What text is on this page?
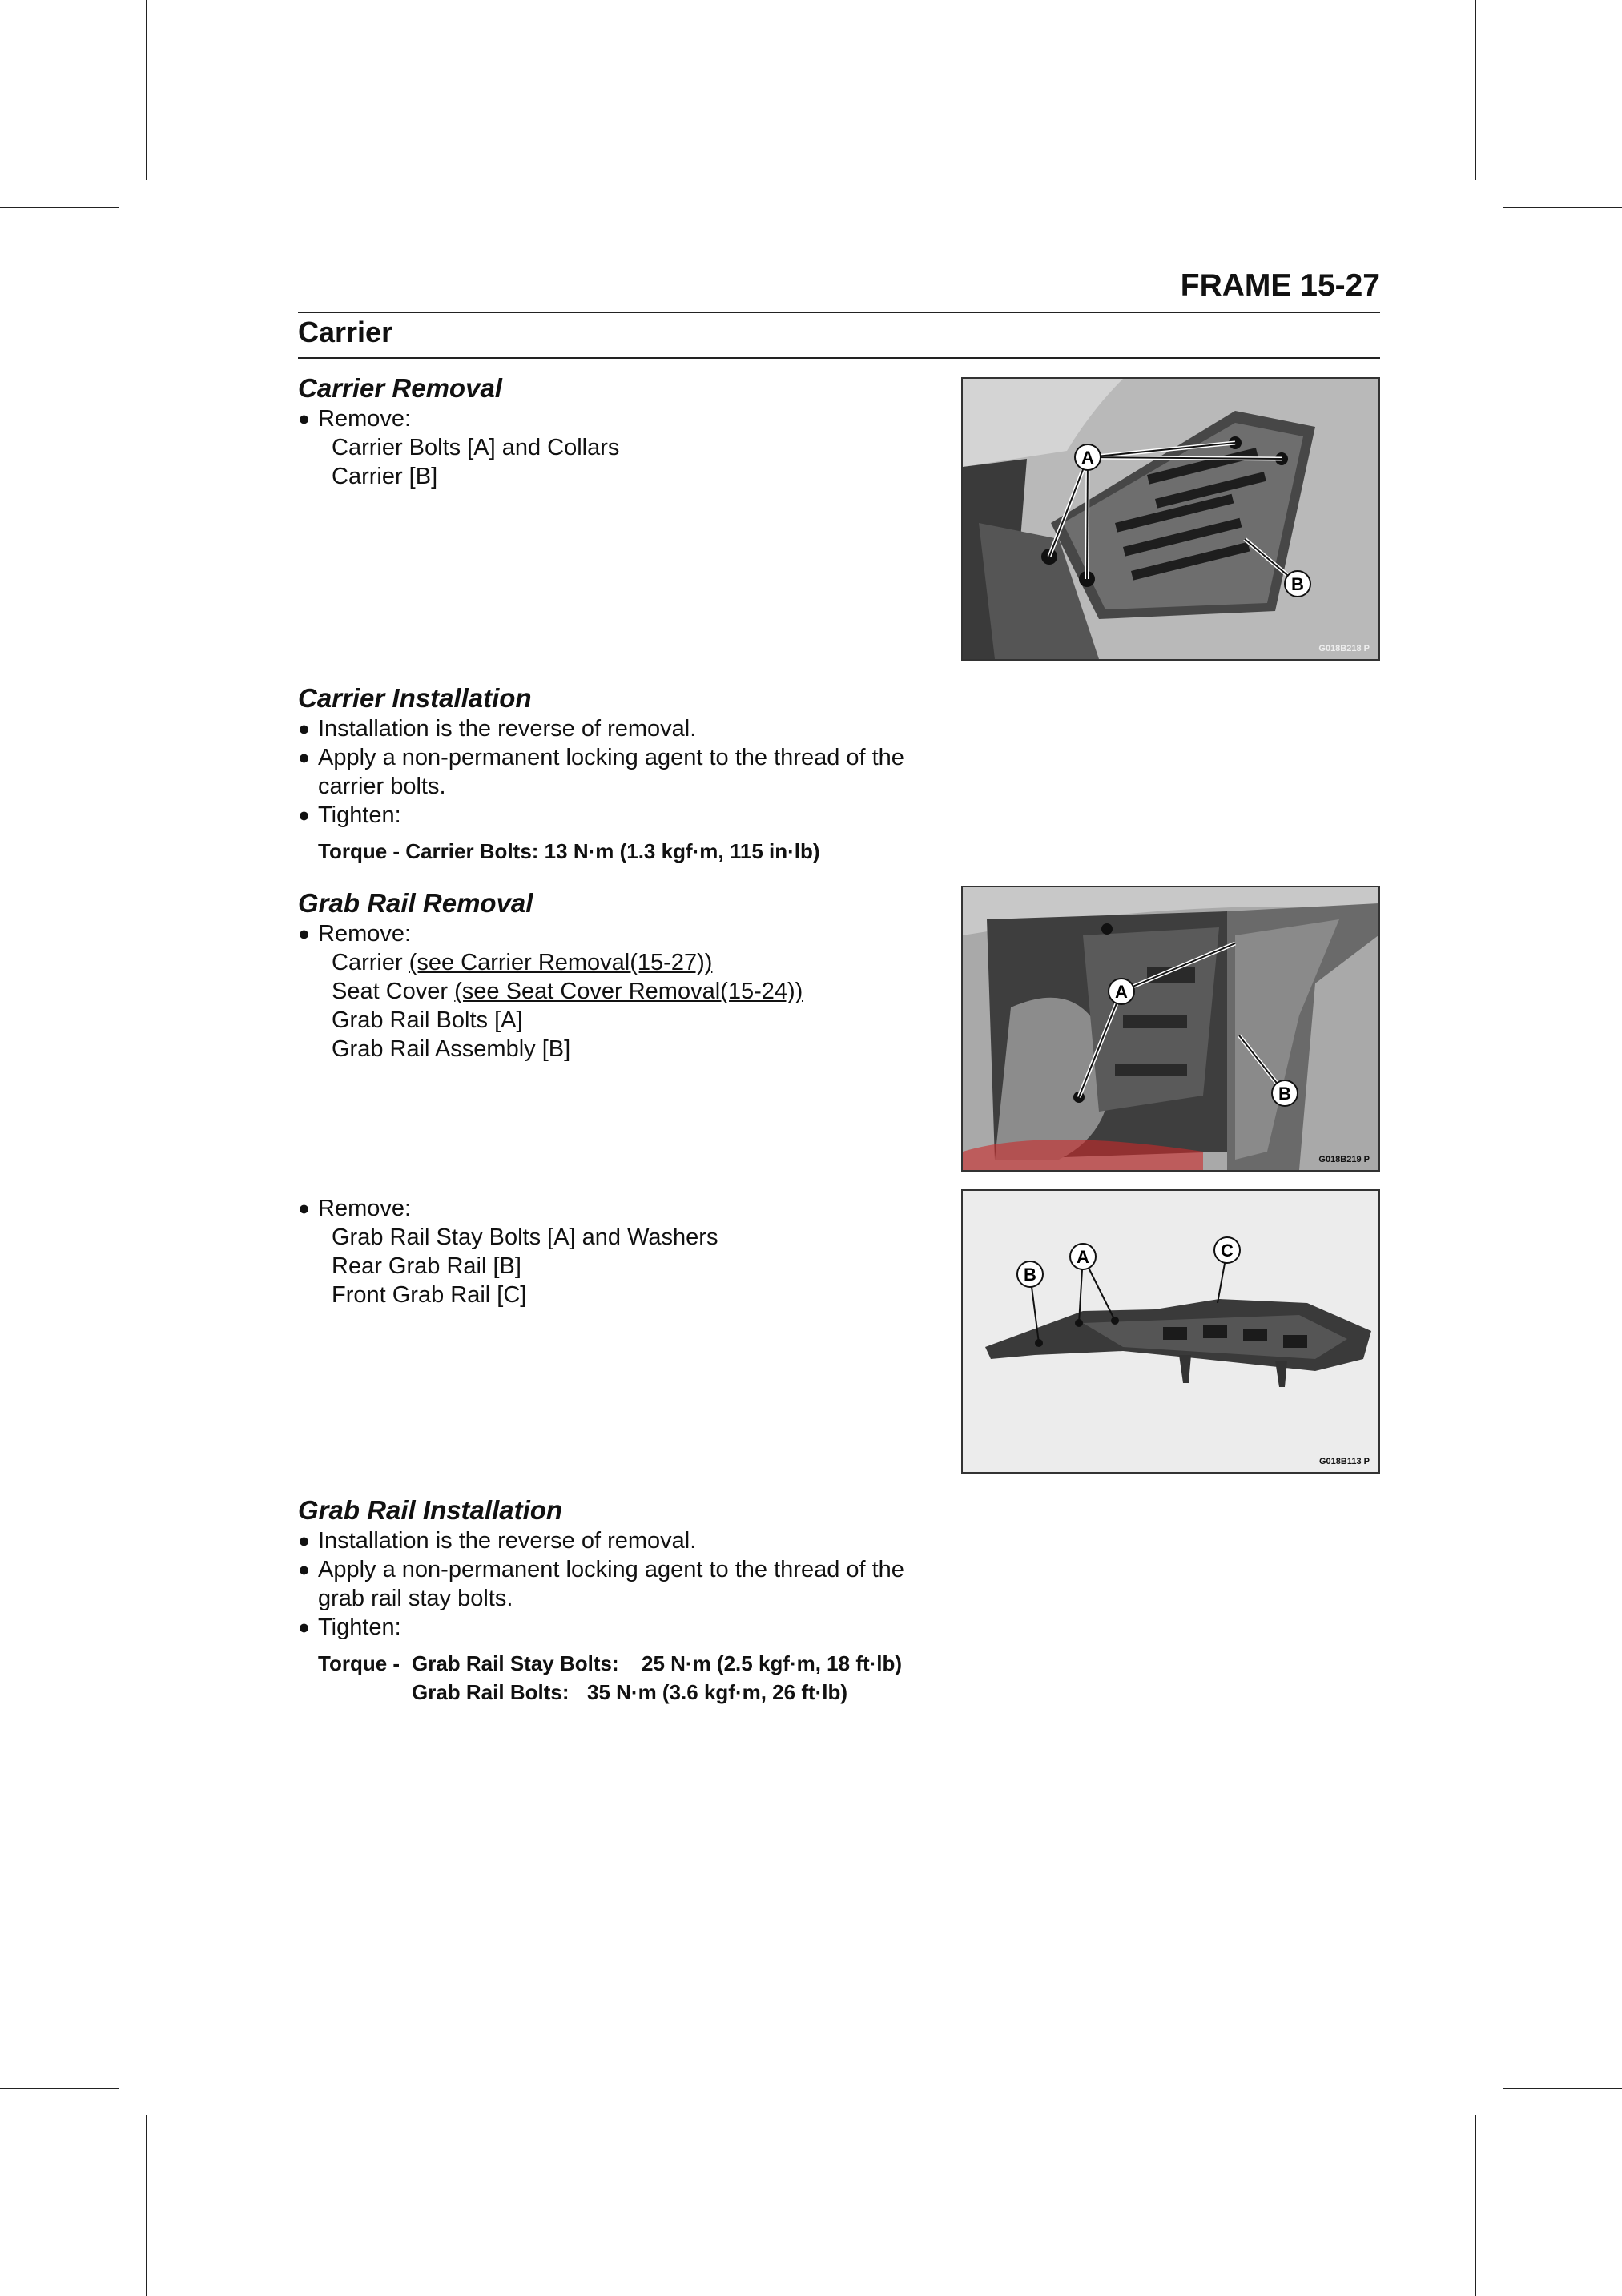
FRAME 15-27
Carrier
Carrier Removal
● Remove:
Carrier Bolts [A] and Collars
Carrier [B]
A
B
G018B218 P
Carrier Installation
● Installation is the reverse of removal.
● Apply a non-permanent locking agent to the thread of the
carrier bolts.
● Tighten:
Torque - Carrier Bolts: 13 N·m (1.3 kgf·m, 115 in·lb)
Grab Rail Removal
● Remove:
Carrier (see Carrier Removal(15-27))
Seat Cover (see Seat Cover Removal(15-24))
Grab Rail Bolts [A]
Grab Rail Assembly [B]
A
B
G018B219 P
● Remove:
Grab Rail Stay Bolts [A] and Washers
Rear Grab Rail [B]
Front Grab Rail [C]
B
A	C
G018B113 P
Grab Rail Installation
● Installation is the reverse of removal.
● Apply a non-permanent locking agent to the thread of the
grab rail stay bolts.
● Tighten:
Torque - Grab Rail Stay Bolts: 25 N·m (2.5 kgf·m, 18 ft·lb)
Grab Rail Bolts: 35 N·m (3.6 kgf·m, 26 ft·lb)
